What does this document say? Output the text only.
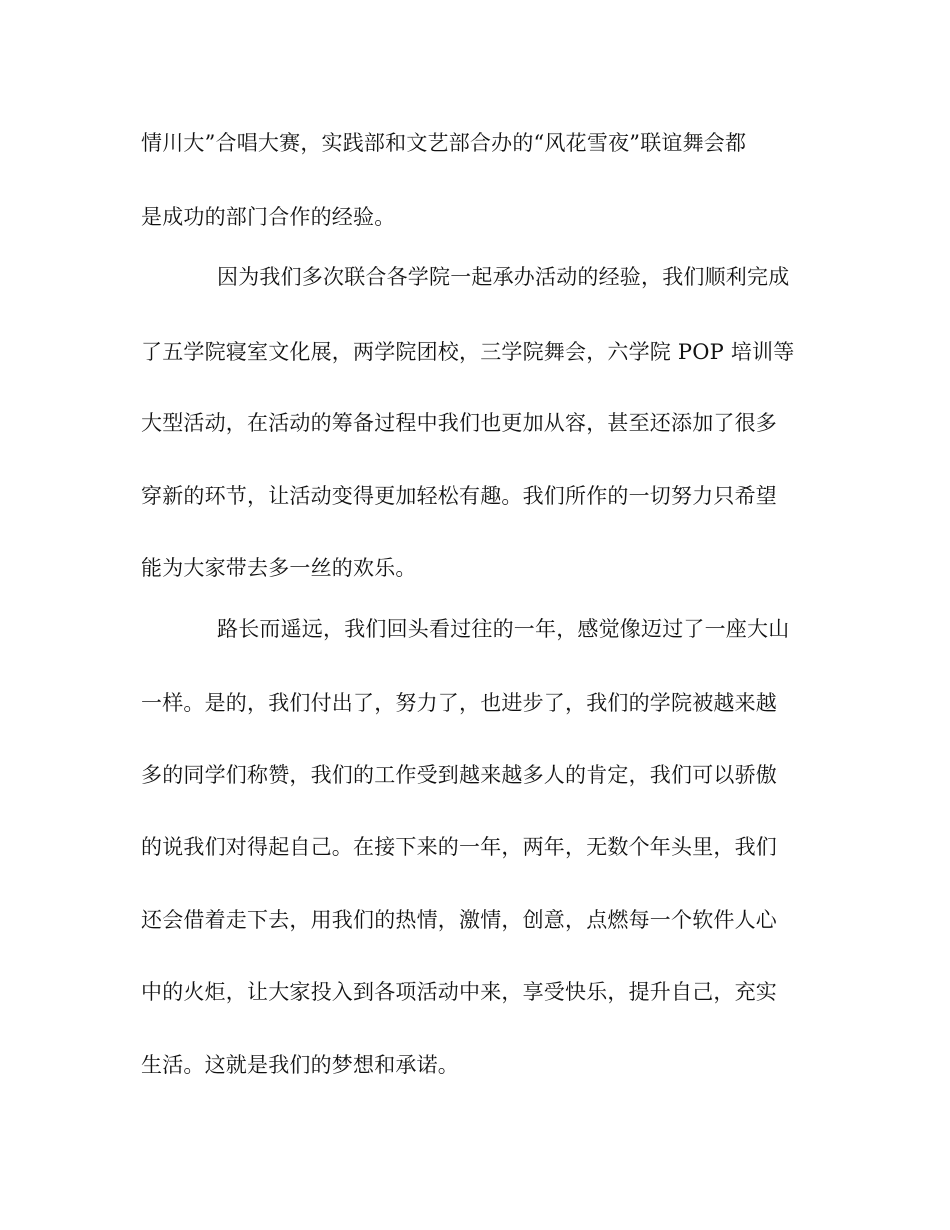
情川大”合唱大赛，实践部和文艺部合办的“风花雪夜”联谊舞会都
是成功的部门合作的经验。
因为我们多次联合各学院一起承办活动的经验，我们顺利完成
了五学院寝室文化展，两学院团校，三学院舞会，六学院 POP 培训等
大型活动，在活动的筹备过程中我们也更加从容，甚至还添加了很多
穿新的环节，让活动变得更加轻松有趣。我们所作的一切努力只希望
能为大家带去多一丝的欢乐。
路长而遥远，我们回头看过往的一年，感觉像迈过了一座大山
一样。是的，我们付出了，努力了，也进步了，我们的学院被越来越
多的同学们称赞，我们的工作受到越来越多人的肯定，我们可以骄傲
的说我们对得起自己。在接下来的一年，两年，无数个年头里，我们
还会借着走下去，用我们的热情，激情，创意，点燃每一个软件人心
中的火炬，让大家投入到各项活动中来，享受快乐，提升自己，充实
生活。这就是我们的梦想和承诺。
